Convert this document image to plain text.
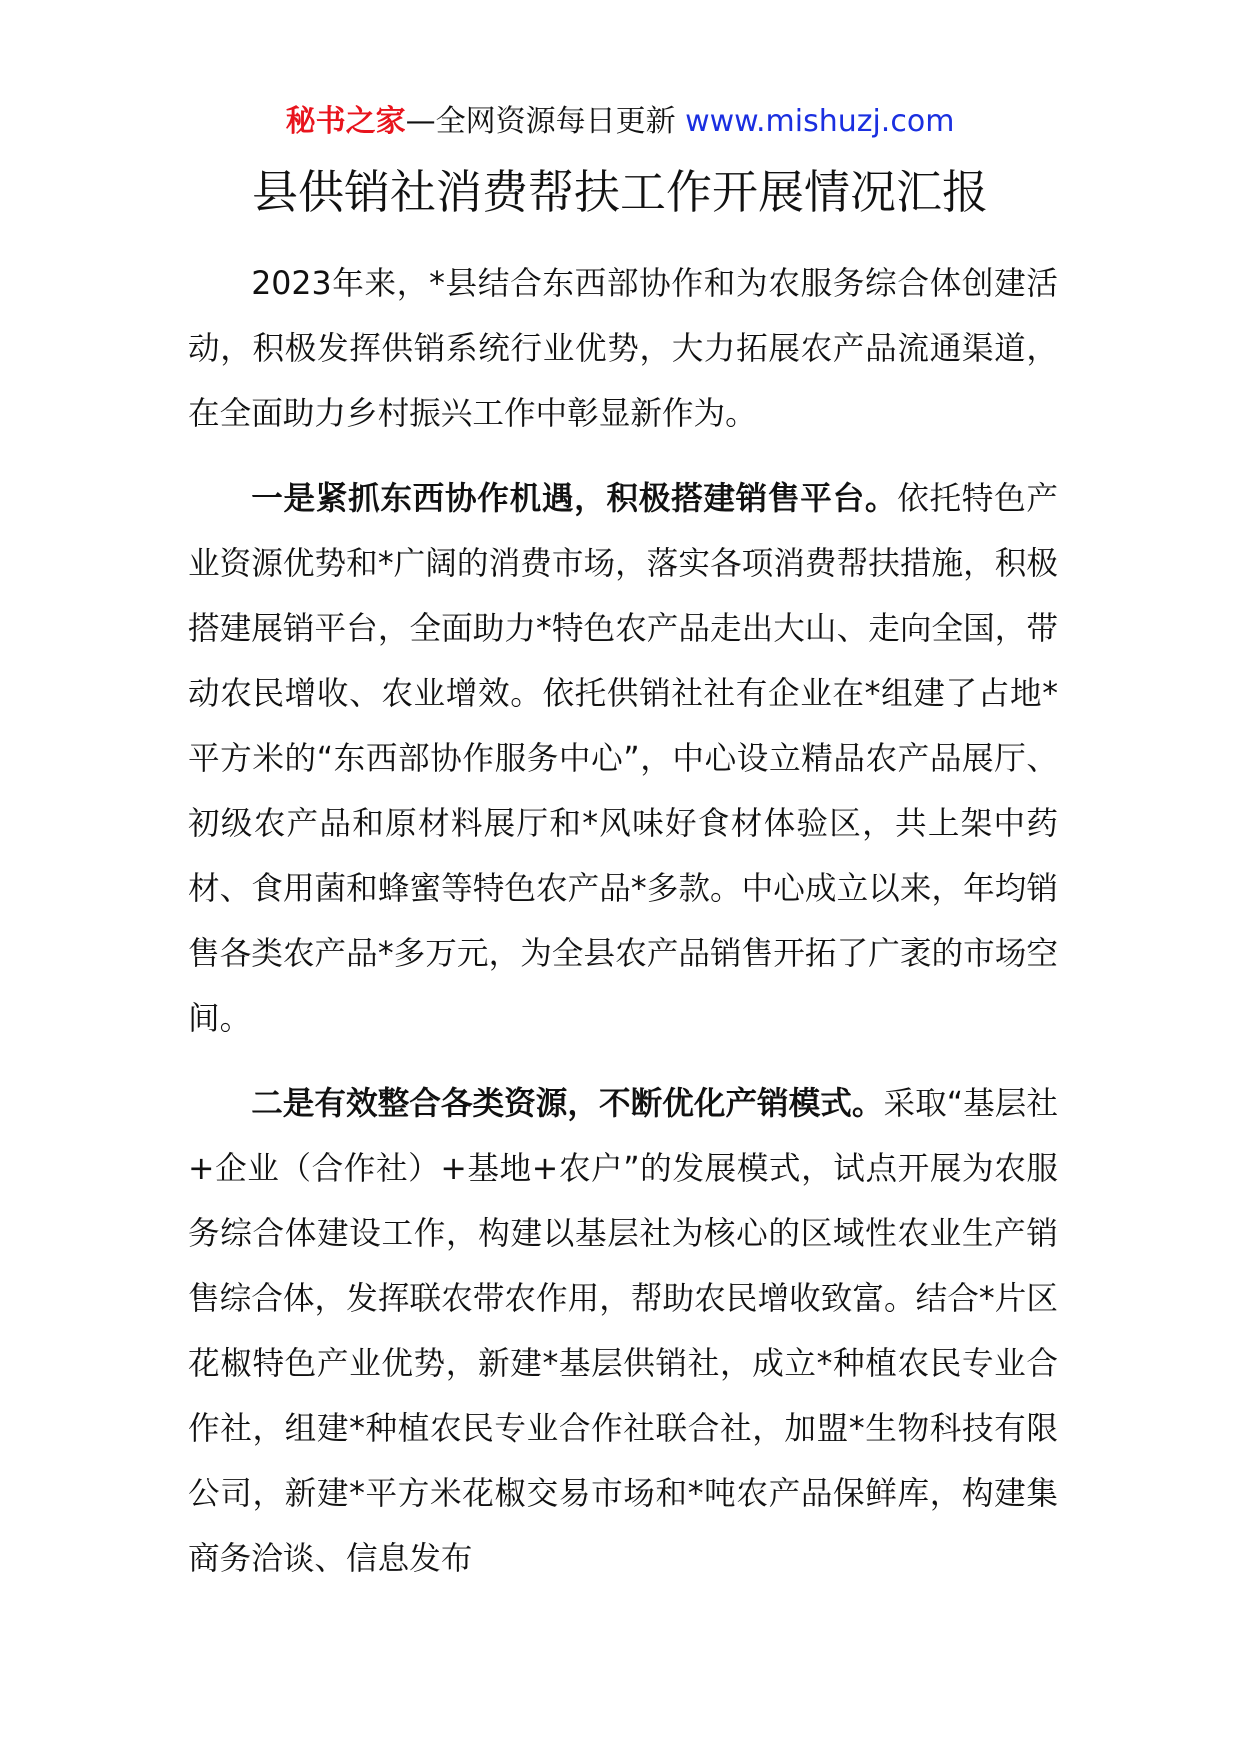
秘书之家—全网资源每日更新 www.mishuzj.com
县供销社消费帮扶工作开展情况汇报

2023年来，*县结合东西部协作和为农服务综合体创建活动，积极发挥供销系统行业优势，大力拓展农产品流通渠道，在全面助力乡村振兴工作中彰显新作为。

一是紧抓东西协作机遇，积极搭建销售平台。依托特色产业资源优势和*广阔的消费市场，落实各项消费帮扶措施，积极搭建展销平台，全面助力*特色农产品走出大山、走向全国，带动农民增收、农业增效。依托供销社社有企业在*组建了占地*平方米的“东西部协作服务中心”，中心设立精品农产品展厅、初级农产品和原材料展厅和*风味好食材体验区，共上架中药材、食用菌和蜂蜜等特色农产品*多款。中心成立以来，年均销售各类农产品*多万元，为全县农产品销售开拓了广袤的市场空间。

二是有效整合各类资源，不断优化产销模式。采取“基层社+企业（合作社）+基地+农户”的发展模式，试点开展为农服务综合体建设工作，构建以基层社为核心的区域性农业生产销售综合体，发挥联农带农作用，帮助农民增收致富。结合*片区花椒特色产业优势，新建*基层供销社，成立*种植农民专业合作社，组建*种植农民专业合作社联合社，加盟*生物科技有限公司，新建*平方米花椒交易市场和*吨农产品保鲜库，构建集商务洽谈、信息发布
